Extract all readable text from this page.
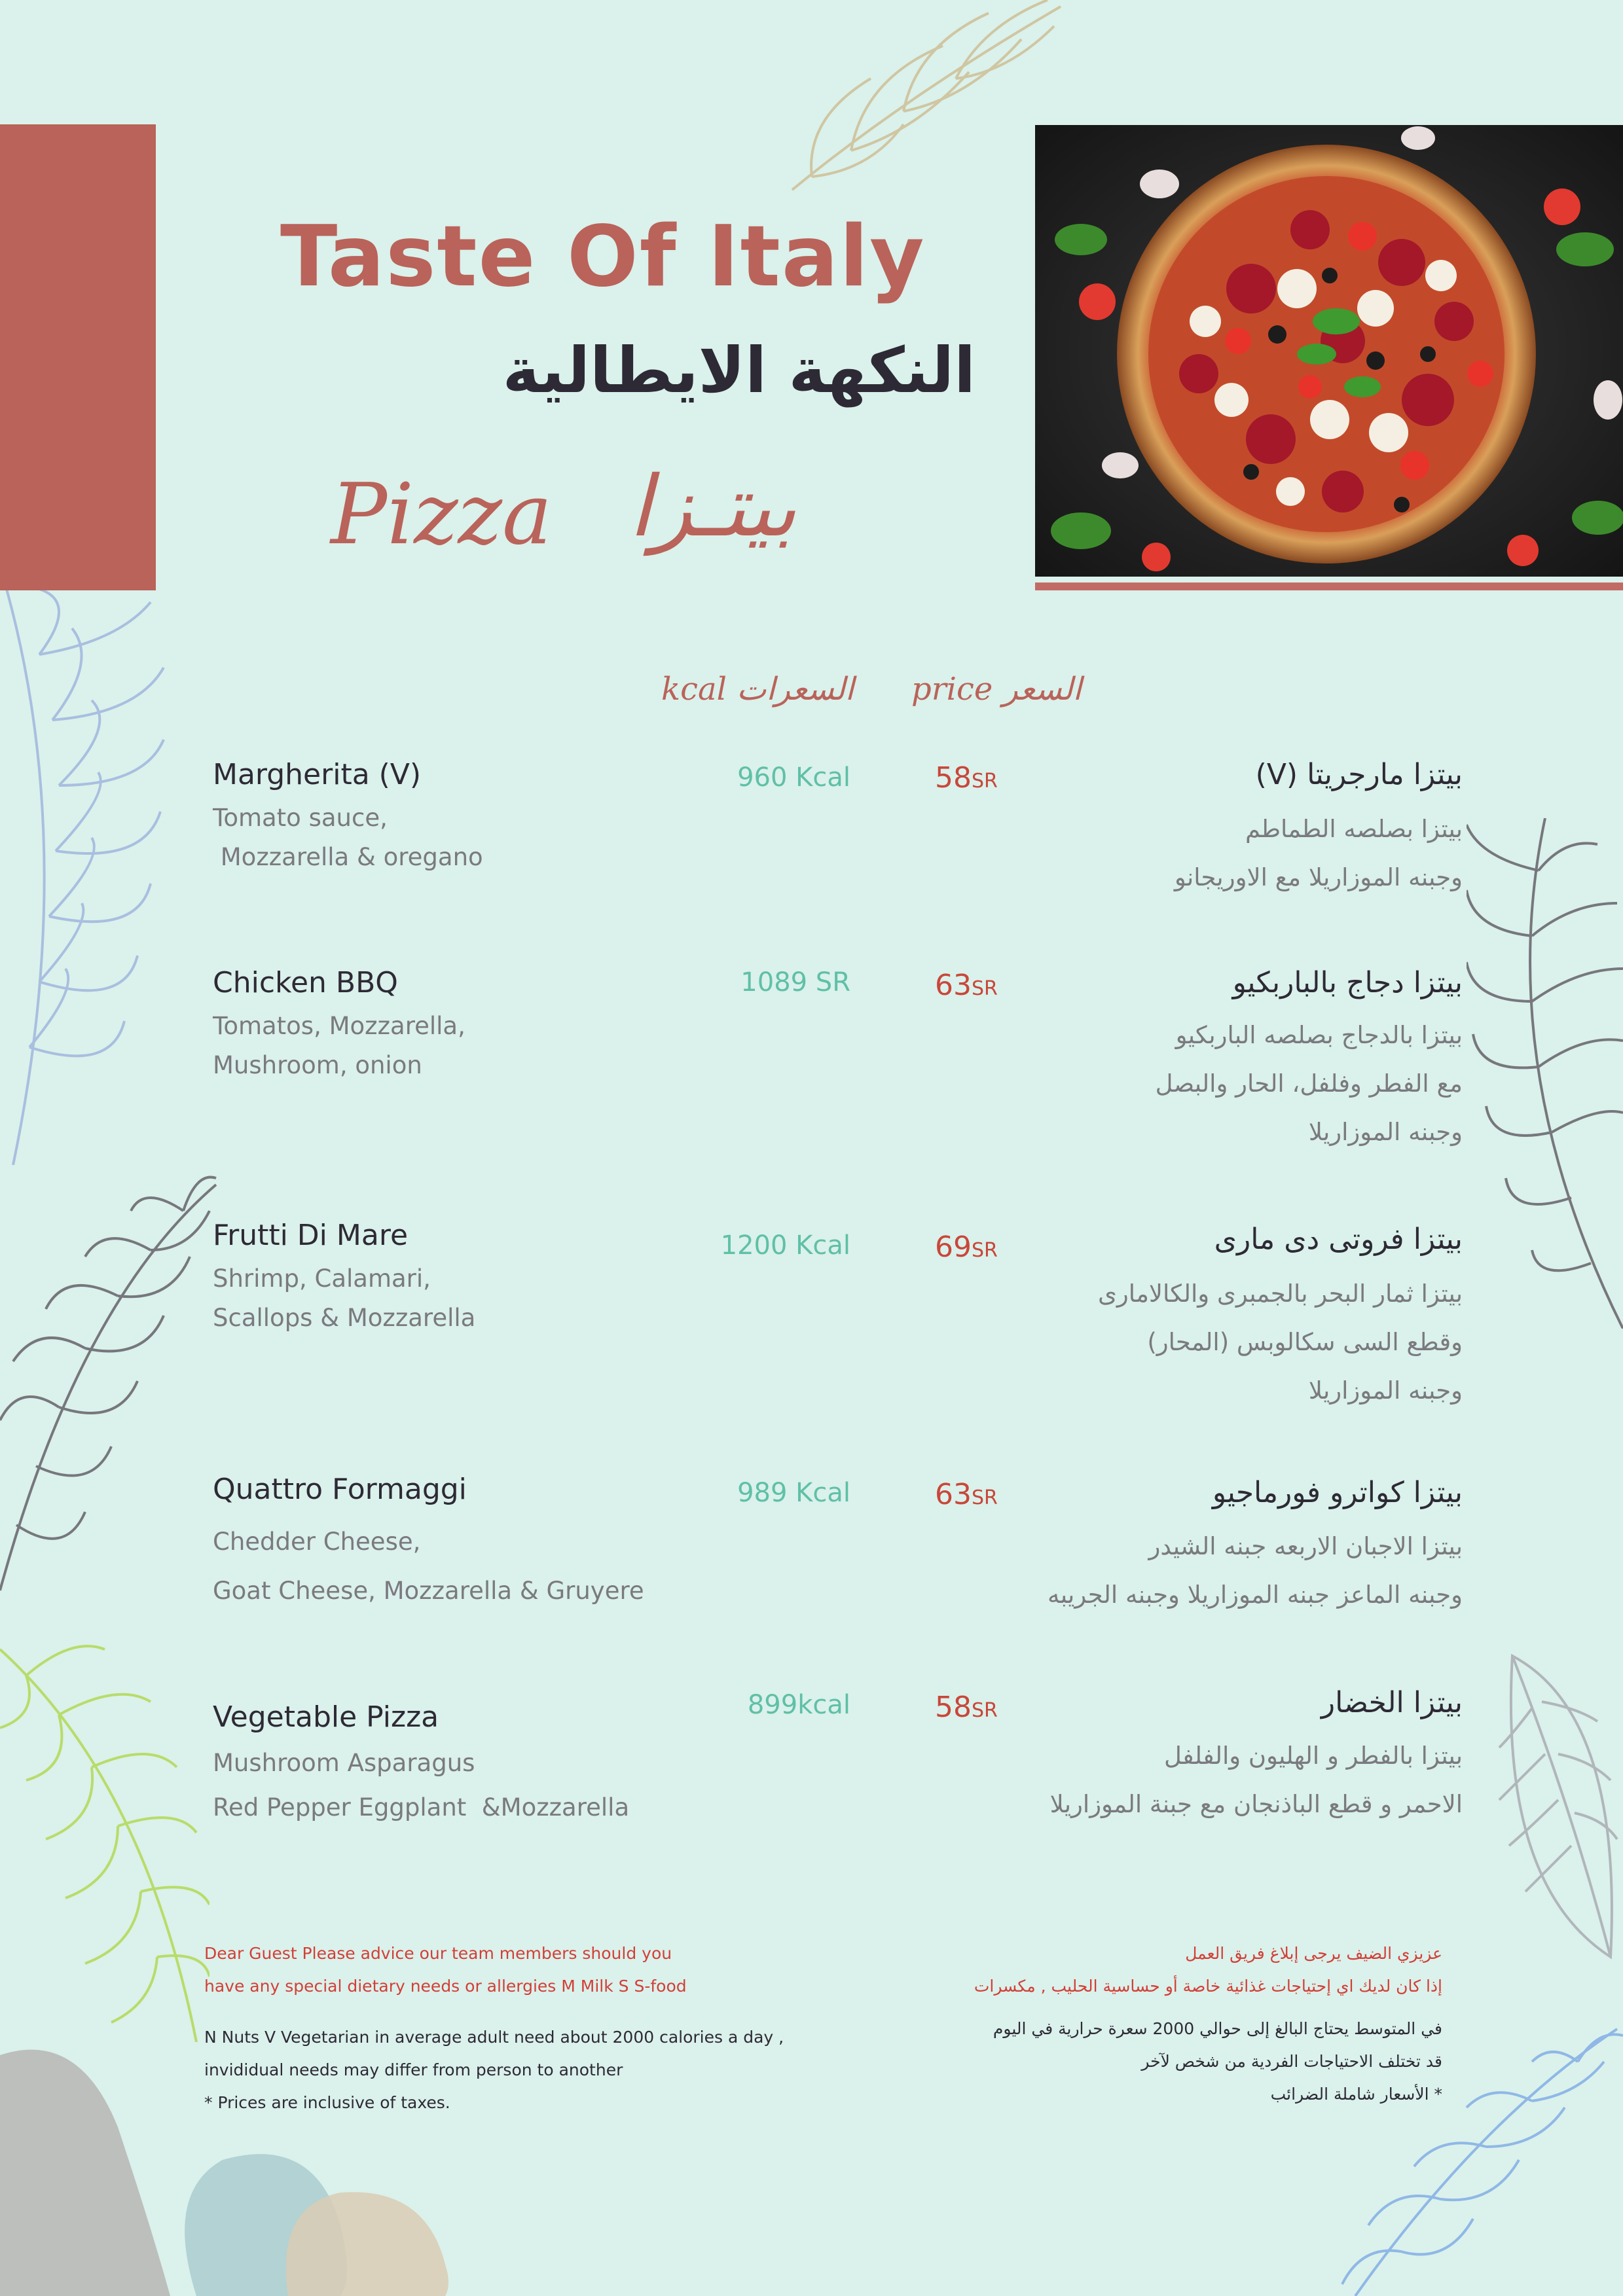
Taste Of Italy
النكهة الايطالية
Pizza بيتـزا
kcal السعرات price السعر
Margherita (V)
Tomato sauce,
Mozzarella & oregano
960 Kcal	58SR	بيتزا مارجريتا (V)
بيتزا بصلصه الطماطم
وجبنه الموزاريلا مع الاوريجانو
Chicken BBQ
Tomatos, Mozzarella,
Mushroom, onion
1089 SR	63SR	بيتزا دجاج بالباربكيو
بيتزا بالدجاج بصلصه الباربكيو
مع الفطر وفلفل، الحار والبصل
وجبنه الموزاريلا
Frutti Di Mare
Shrimp, Calamari,
Scallops & Mozzarella
1200 Kcal	69SR	بيتزا فروتى دى مارى
بيتزا ثمار البحر بالجمبرى والكالامارى
وقطع السى سكالوبس (المحار)
وجبنه الموزاريلا
Quattro Formaggi
Chedder Cheese,
Goat Cheese, Mozzarella & Gruyere
989 Kcal	63SR	بيتزا كواترو فورماجيو
بيتزا الاجبان الاربعه جبنه الشيدر
وجبنه الماعز جبنه الموزاريلا وجبنه الجريبه
Vegetable Pizza
Mushroom Asparagus
Red Pepper Eggplant  &Mozzarella
899kcal	58SR	بيتزا الخضار
بيتزا بالفطر و الهليون والفلفل
الاحمر و قطع الباذنجان مع جبنة الموزاريلا
Dear Guest Please advice our team members should you
have any special dietary needs or allergies M Milk S S-food
N Nuts V Vegetarian in average adult need about 2000 calories a day ,
invididual needs may differ from person to another
* Prices are inclusive of taxes.
عزيزي الضيف يرجى إبلاغ فريق العمل
إذا كان لديك اي إحتياجات غذائية خاصة أو حساسية الحليب , مكسرات
في المتوسط يحتاج البالغ إلى حوالي 2000 سعرة حرارية في اليوم
قد تختلف الاحتياجات الفردية من شخص لآخر
* الأسعار شاملة الضرائب
